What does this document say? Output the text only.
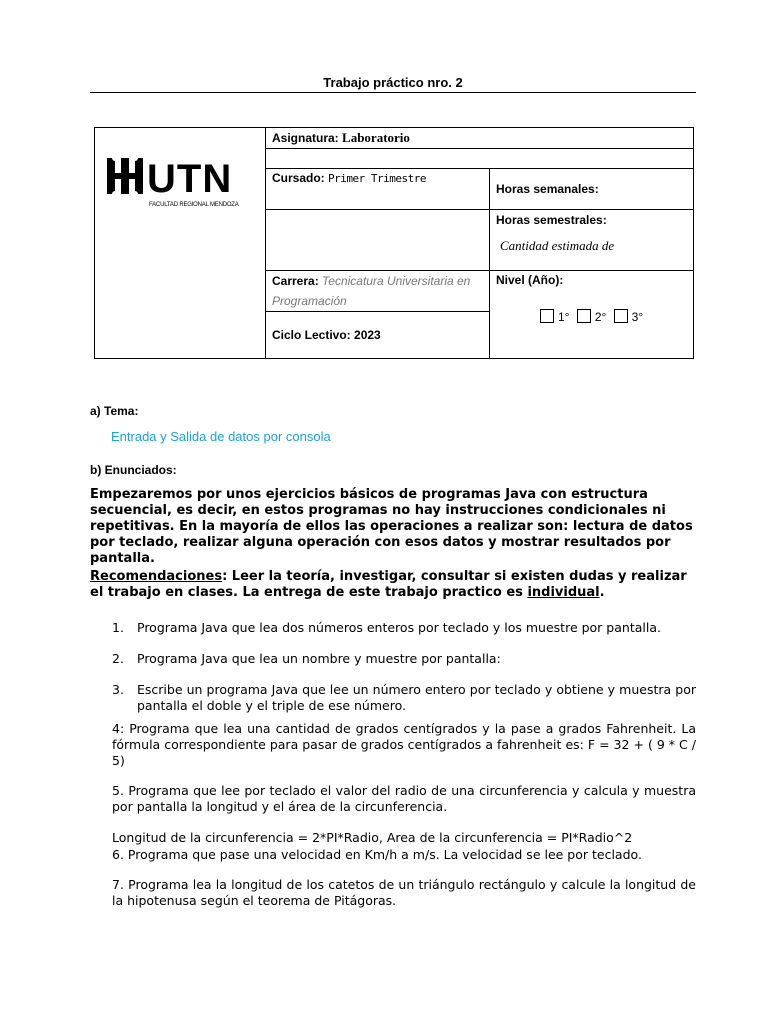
Trabajo práctico nro. 2
UTN
FACULTAD REGIONAL MENDOZA	Asignatura: Laboratorio	

	Cursado: Primer Trimestre	Horas semanales:

		Horas semestrales:
Cantidad estimada de

	Carrera: Tecnicatura Universitaria en Programación	Nivel (Año):
1° 2° 3°

	Ciclo Lectivo: 2023	
a) Tema:
Entrada y Salida de datos por consola
b) Enunciados:
Empezaremos por unos ejercicios básicos de programas Java con estructura secuencial, es decir, en estos programas no hay instrucciones condicionales ni repetitivas. En la mayoría de ellos las operaciones a realizar son: lectura de datos por teclado, realizar alguna operación con esos datos y mostrar resultados por pantalla.
Recomendaciones: Leer la teoría, investigar, consultar si existen dudas y realizar el trabajo en clases. La entrega de este trabajo practico es individual.
1. Programa Java que lea dos números enteros por teclado y los muestre por pantalla.
2. Programa Java que lea un nombre y muestre por pantalla:
3.	Escribe un programa Java que lee un número entero por teclado y obtiene y muestra por pantalla el doble y el triple de ese número.
4: Programa que lea una cantidad de grados centígrados y la pase a grados Fahrenheit. La fórmula correspondiente para pasar de grados centígrados a fahrenheit es: F = 32 + ( 9 * C / 5)
5. Programa que lee por teclado el valor del radio de una circunferencia y calcula y muestra por pantalla la longitud y el área de la circunferencia.
Longitud de la circunferencia = 2*PI*Radio, Area de la circunferencia = PI*Radio^2
6. Programa que pase una velocidad en Km/h a m/s. La velocidad se lee por teclado.
7. Programa lea la longitud de los catetos de un triángulo rectángulo y calcule la longitud de la hipotenusa según el teorema de Pitágoras.
